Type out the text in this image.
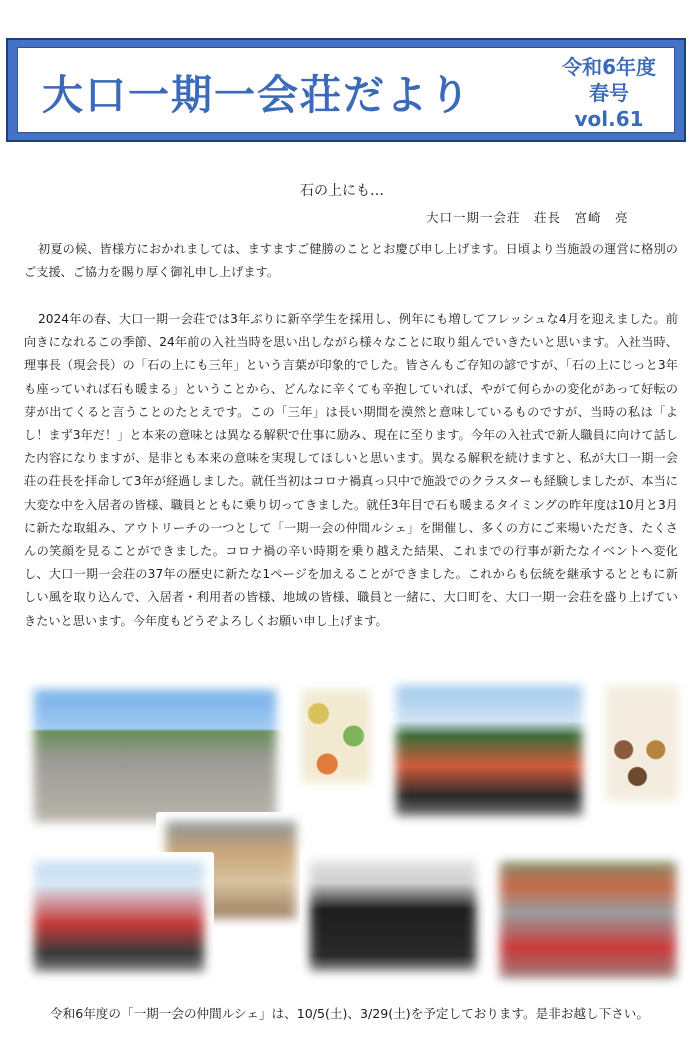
大口一期一会荘だより
令和6年度
春号
vol.61
石の上にも…
大口一期一会荘　荘長　宮崎　亮

初夏の候、皆様方におかれましては、ますますご健勝のこととお慶び申し上げます。日頃より当施設の運営に格別のご支援、ご協力を賜り厚く御礼申し上げます。

2024年の春、大口一期一会荘では3年ぶりに新卒学生を採用し、例年にも増してフレッシュな4月を迎えました。前向きになれるこの季節、24年前の入社当時を思い出しながら様々なことに取り組んでいきたいと思います。入社当時、理事長（現会長）の「石の上にも三年」という言葉が印象的でした。皆さんもご存知の諺ですが、「石の上にじっと3年も座っていれば石も暖まる」ということから、どんなに辛くても辛抱していれば、やがて何らかの変化があって好転の芽が出てくると言うことのたとえです。この「三年」は長い期間を漠然と意味しているものですが、当時の私は「よし！まず3年だ！」と本来の意味とは異なる解釈で仕事に励み、現在に至ります。今年の入社式で新人職員に向けて話した内容になりますが、是非とも本来の意味を実現してほしいと思います。異なる解釈を続けますと、私が大口一期一会荘の荘長を拝命して3年が経過しました。就任当初はコロナ禍真っ只中で施設でのクラスターも経験しましたが、本当に大変な中を入居者の皆様、職員とともに乗り切ってきました。就任3年目で石も暖まるタイミングの昨年度は10月と3月に新たな取組み、アウトリーチの一つとして「一期一会の仲間ルシェ」を開催し、多くの方にご来場いただき、たくさんの笑顔を見ることができました。コロナ禍の辛い時期を乗り越えた結果、これまでの行事が新たなイベントへ変化し、大口一期一会荘の37年の歴史に新たな1ページを加えることができました。これからも伝統を継承するとともに新しい風を取り込んで、入居者・利用者の皆様、地域の皆様、職員と一緒に、大口町を、大口一期一会荘を盛り上げていきたいと思います。今年度もどうぞよろしくお願い申し上げます。

令和6年度の「一期一会の仲間ルシェ」は、10/5(土)、3/29(土)を予定しております。是非お越し下さい。
